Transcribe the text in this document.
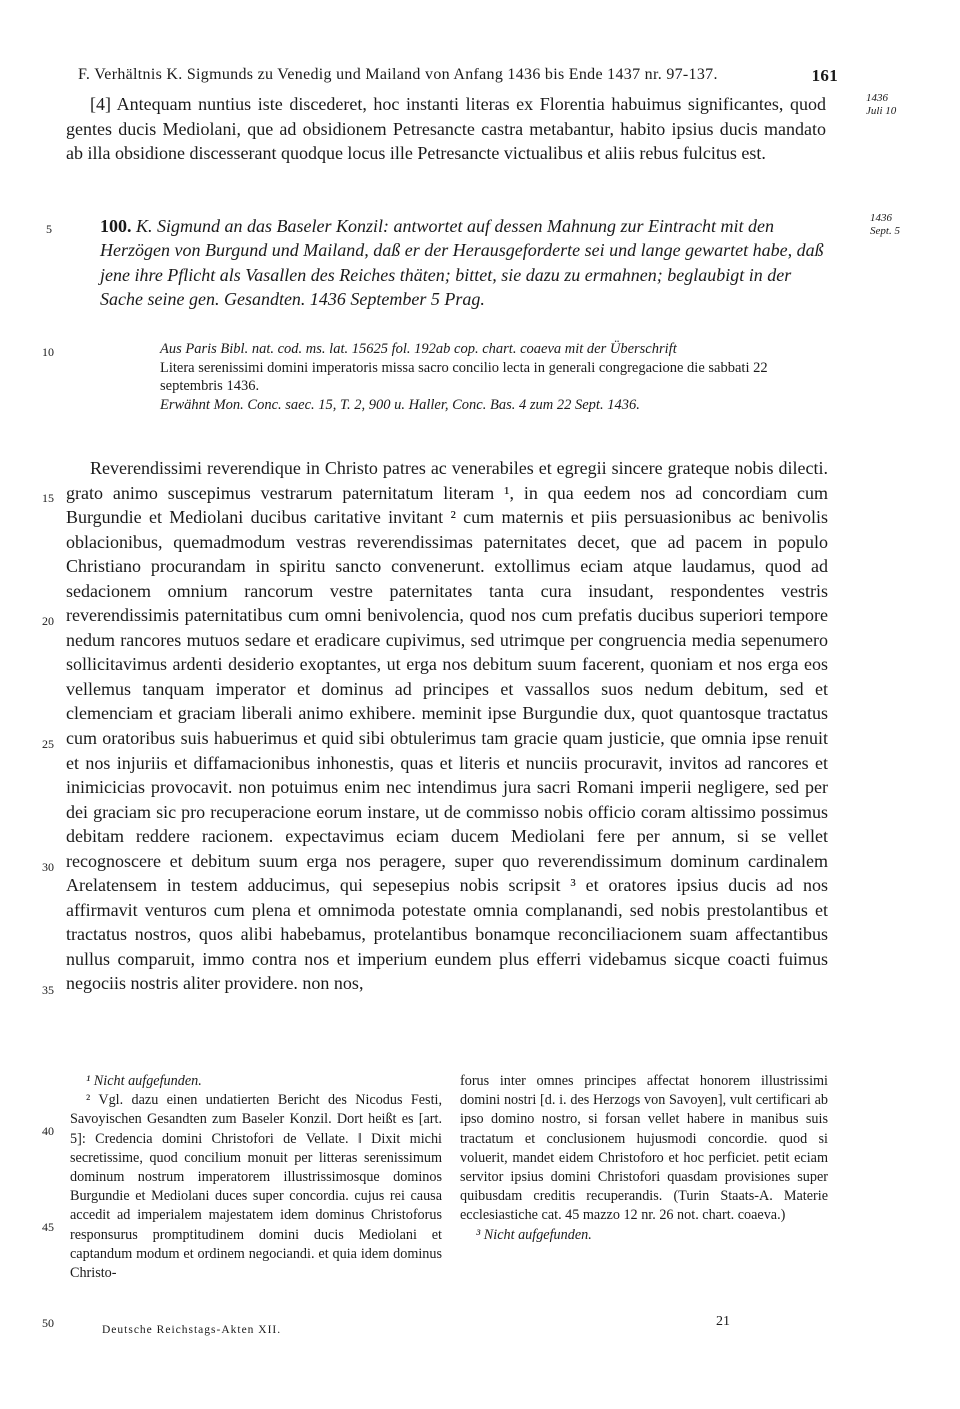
F. Verhältnis K. Sigmunds zu Venedig und Mailand von Anfang 1436 bis Ende 1437 nr. 97-137.	161
1436
Juli 10
1436
Sept. 5
5
10
15
20
25
30
35
40
45
50

[4] Antequam nuntius iste discederet, hoc instanti literas ex Florentia habuimus significantes, quod gentes ducis Mediolani, que ad obsidionem Petresancte castra metabantur, habito ipsius ducis mandato ab illa obsidione discesserant quodque locus ille Petresancte victualibus et aliis rebus fulcitus est.

100. K. Sigmund an das Baseler Konzil: antwortet auf dessen Mahnung zur Eintracht mit den Herzögen von Burgund und Mailand, daß er der Herausgeforderte sei und lange gewartet habe, daß jene ihre Pflicht als Vasallen des Reiches thäten; bittet, sie dazu zu ermahnen; beglaubigt in der Sache seine gen. Gesandten. 1436 September 5 Prag.
Aus Paris Bibl. nat. cod. ms. lat. 15625 fol. 192ab cop. chart. coaeva mit der Überschrift
Litera serenissimi domini imperatoris missa sacro concilio lecta in generali congregacione die sabbati 22 septembris 1436.
Erwähnt Mon. Conc. saec. 15, T. 2, 900 u. Haller, Conc. Bas. 4 zum 22 Sept. 1436.

Reverendissimi reverendique in Christo patres ac venerabiles et egregii sincere grateque nobis dilecti. grato animo suscepimus vestrarum paternitatum literam ¹, in qua eedem nos ad concordiam cum Burgundie et Mediolani ducibus caritative invitant ² cum maternis et piis persuasionibus ac benivolis oblacionibus, quemadmodum vestras reverendissimas paternitates decet, que ad pacem in populo Christiano procurandam in spiritu sancto convenerunt. extollimus eciam atque laudamus, quod ad sedacionem omnium rancorum vestre paternitates tanta cura insudant, respondentes vestris reverendissimis paternitatibus cum omni benivolencia, quod nos cum prefatis ducibus superiori tempore nedum rancores mutuos sedare et eradicare cupivimus, sed utrimque per congruencia media sepenumero sollicitavimus ardenti desiderio exoptantes, ut erga nos debitum suum facerent, quoniam et nos erga eos vellemus tanquam imperator et dominus ad principes et vassallos suos nedum debitum, sed et clemenciam et graciam liberali animo exhibere. meminit ipse Burgundie dux, quot quantosque tractatus cum oratoribus suis habuerimus et quid sibi obtulerimus tam gracie quam justicie, que omnia ipse renuit et nos injuriis et diffamacionibus inhonestis, quas et literis et nunciis procuravit, invitos ad rancores et inimicicias provocavit. non potuimus enim nec intendimus jura sacri Romani imperii negligere, sed per dei graciam sic pro recuperacione eorum instare, ut de commisso nobis officio coram altissimo possimus debitam reddere racionem. expectavimus eciam ducem Mediolani fere per annum, si se vellet recognoscere et debitum suum erga nos peragere, super quo reverendissimum dominum cardinalem Arelatensem in testem adducimus, qui sepesepius nobis scripsit ³ et oratores ipsius ducis ad nos affirmavit venturos cum plena et omnimoda potestate omnia complanandi, sed nobis prestolantibus et tractatus nostros, quos alibi habebamus, protelantibus bonamque reconciliacionem suam affectantibus nullus comparuit, immo contra nos et imperium eundem plus efferri videbamus sicque coacti fuimus negociis nostris aliter providere. non nos,

¹ Nicht aufgefunden.

² Vgl. dazu einen undatierten Bericht des Nicodus Festi, Savoyischen Gesandten zum Baseler Konzil. Dort heißt es [art. 5]: Credencia domini Christofori de Vellate. ‖ Dixit michi secretissime, quod concilium monuit per litteras serenissimum dominum nostrum imperatorem illustrissimosque dominos Burgundie et Mediolani duces super concordia. cujus rei causa accedit ad imperialem majestatem idem dominus Christoforus responsurus promptitudinem domini ducis Mediolani et captandum modum et ordinem negociandi. et quia idem dominus Christo-

forus inter omnes principes affectat honorem illustrissimi domini nostri [d. i. des Herzogs von Savoyen], vult certificari ab ipso domino nostro, si forsan vellet habere in manibus suis tractatum et conclusionem hujusmodi concordie. quod si voluerit, mandet eidem Christoforo et hoc perficiet. petit eciam servitor ipsius domini Christofori quasdam provisiones super quibusdam creditis recuperandis. (Turin Staats-A. Materie ecclesiastiche cat. 45 mazzo 12 nr. 26 not. chart. coaeva.)

³ Nicht aufgefunden.

Deutsche Reichstags-Akten XII.
21
